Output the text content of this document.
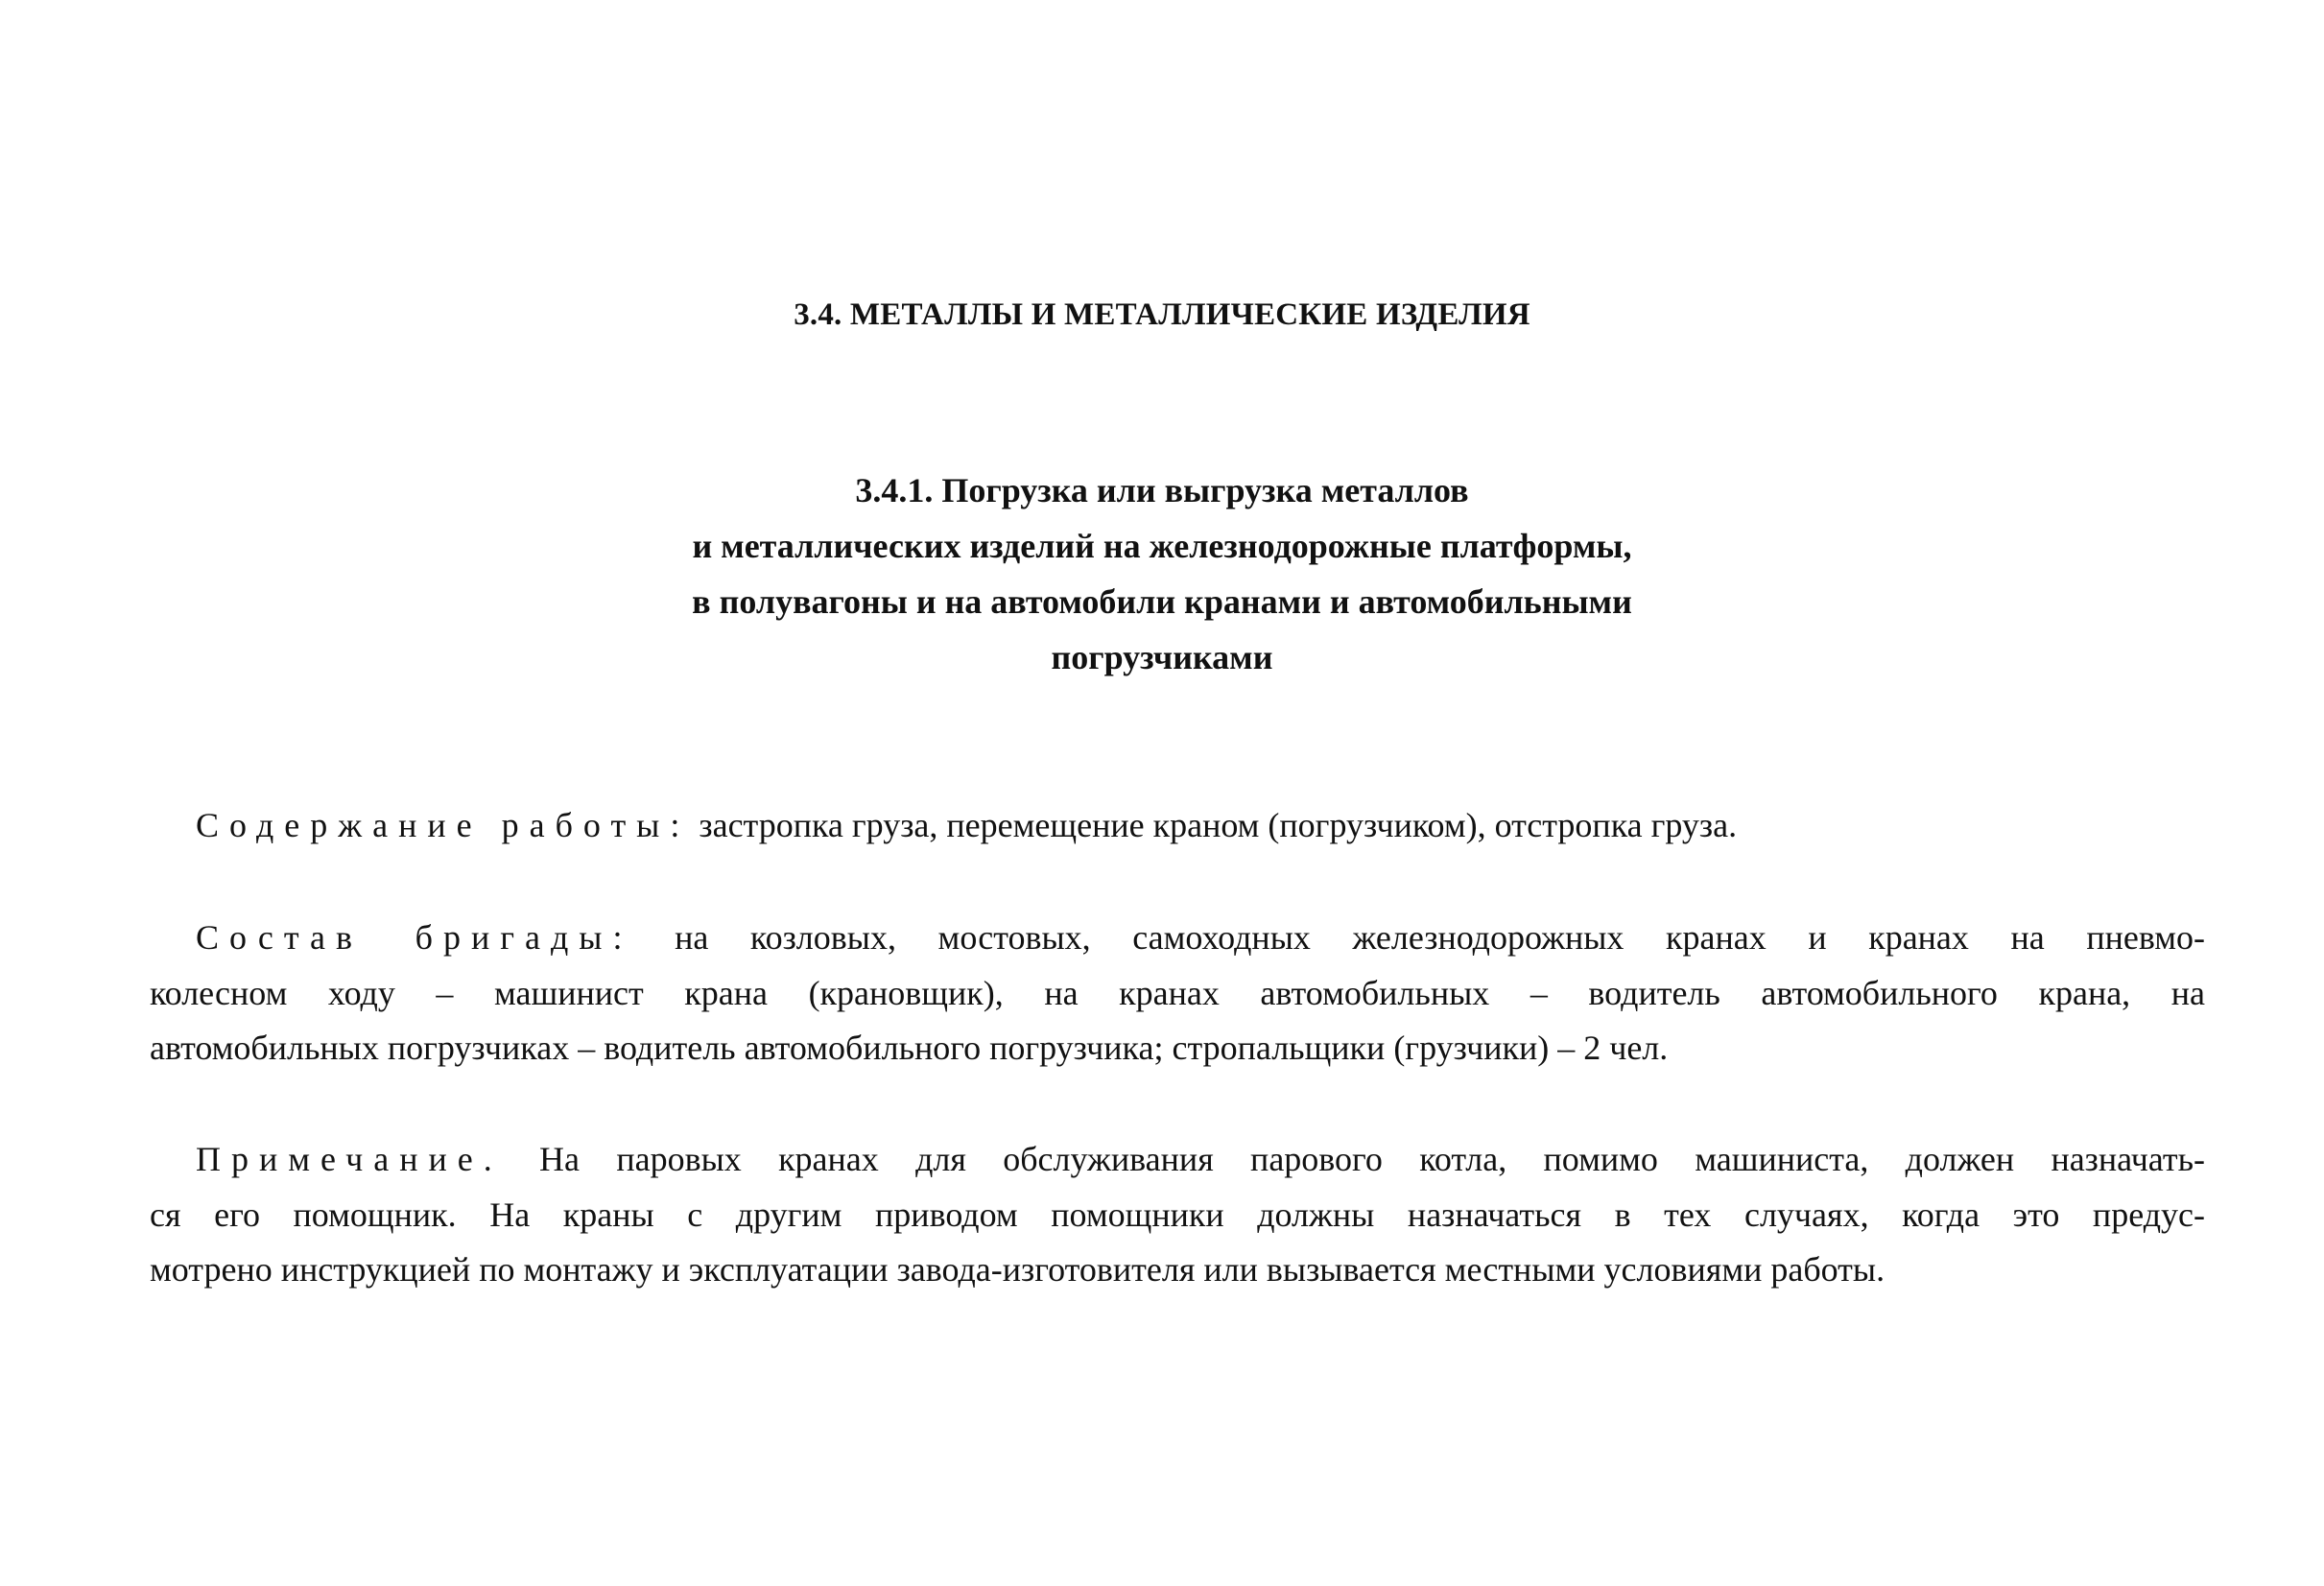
3.4. МЕТАЛЛЫ И МЕТАЛЛИЧЕСКИЕ ИЗДЕЛИЯ
3.4.1. Погрузка или выгрузка металлов
и металлических изделий на железнодорожные платформы,
в полувагоны и на автомобили кранами и автомобильными
погрузчиками
Содержание работы: застропка груза, перемещение краном (погрузчиком), отстропка груза.
Состав бригады: на козловых, мостовых, самоходных железнодорожных кранах и кранах на пневмо-
колесном ходу – машинист крана (крановщик), на кранах автомобильных – водитель автомобильного крана, на
автомобильных погрузчиках – водитель автомобильного погрузчика; стропальщики (грузчики) – 2 чел.
Примечание. На паровых кранах для обслуживания парового котла, помимо машиниста, должен назначать-
ся его помощник. На краны с другим приводом помощники должны назначаться в тех случаях, когда это предус-
мотрено инструкцией по монтажу и эксплуатации завода-изготовителя или вызывается местными условиями работы.
